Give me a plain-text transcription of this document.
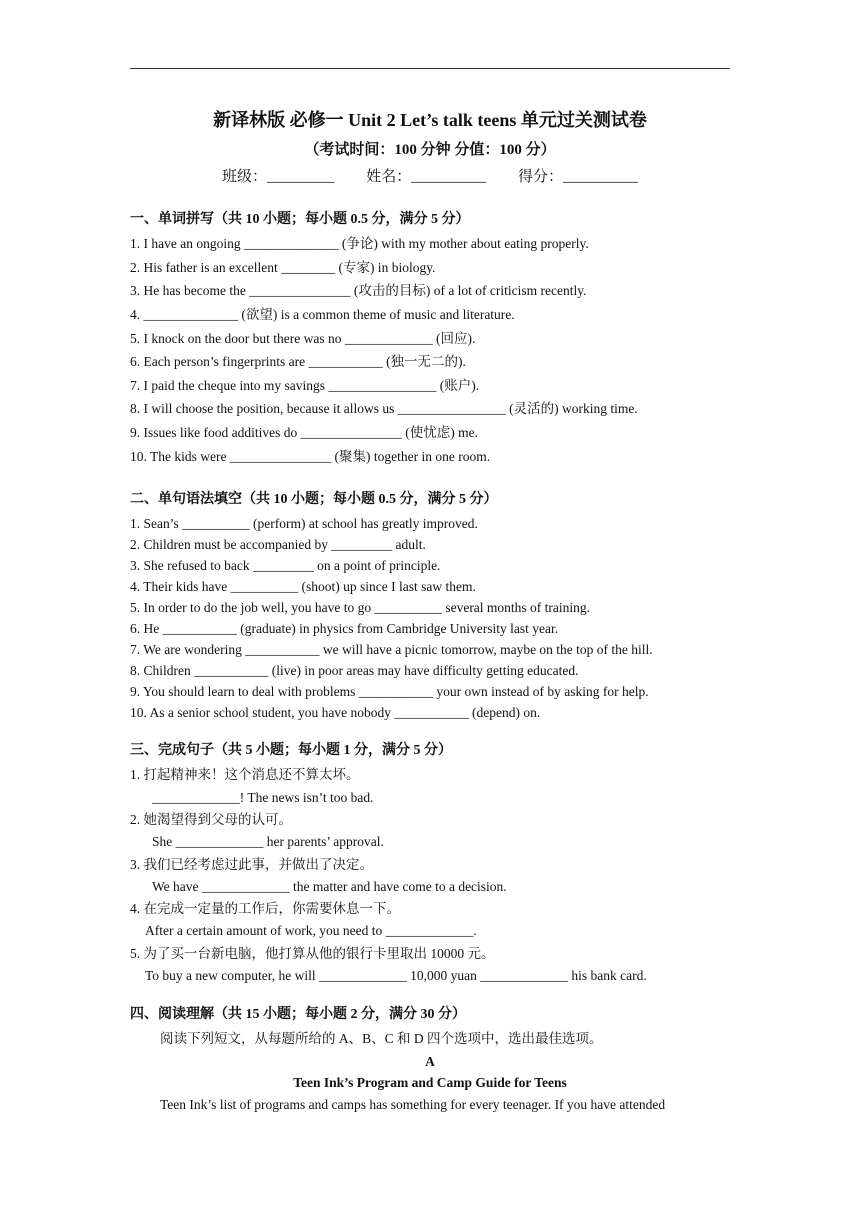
新译林版 必修一 Unit 2 Let’s talk teens 单元过关测试卷
（考试时间：100 分钟 分值：100 分）
班级：_________ 姓名：__________ 得分：__________
一、单词拼写（共 10 小题；每小题 0.5 分，满分 5 分）
1. I have an ongoing ______________ (争论) with my mother about eating properly.
2. His father is an excellent ________ (专家) in biology.
3. He has become the _______________ (攻击的目标) of a lot of criticism recently.
4. ______________ (欲望) is a common theme of music and literature.
5. I knock on the door but there was no _____________ (回应).
6. Each person’s fingerprints are ___________ (独一无二的).
7. I paid the cheque into my savings ________________ (账户).
8. I will choose the position, because it allows us ________________ (灵活的) working time.
9. Issues like food additives do _______________ (使忧虑) me.
10. The kids were _______________ (聚集) together in one room.
二、单句语法填空（共 10 小题；每小题 0.5 分，满分 5 分）
1. Sean’s __________ (perform) at school has greatly improved.
2. Children must be accompanied by _________ adult.
3. She refused to back _________ on a point of principle.
4. Their kids have __________ (shoot) up since I last saw them.
5. In order to do the job well, you have to go __________ several months of training.
6. He ___________ (graduate) in physics from Cambridge University last year.
7. We are wondering ___________ we will have a picnic tomorrow, maybe on the top of the hill.
8. Children ___________ (live) in poor areas may have difficulty getting educated.
9. You should learn to deal with problems ___________ your own instead of by asking for help.
10. As a senior school student, you have nobody ___________ (depend) on.
三、完成句子（共 5 小题；每小题 1 分，满分 5 分）
1. 打起精神来！这个消息还不算太坏。
_____________! The news isn’t too bad.
2. 她渴望得到父母的认可。
She _____________ her parents’ approval.
3. 我们已经考虑过此事，并做出了决定。
We have _____________ the matter and have come to a decision.
4. 在完成一定量的工作后，你需要休息一下。
After a certain amount of work, you need to _____________.
5. 为了买一台新电脑，他打算从他的银行卡里取出 10000 元。
To buy a new computer, he will _____________ 10,000 yuan _____________ his bank card.
四、阅读理解（共 15 小题；每小题 2 分，满分 30 分）
阅读下列短文，从每题所给的 A、B、C 和 D 四个选项中，选出最佳选项。
A
Teen Ink’s Program and Camp Guide for Teens
Teen Ink’s list of programs and camps has something for every teenager. If you have attended
